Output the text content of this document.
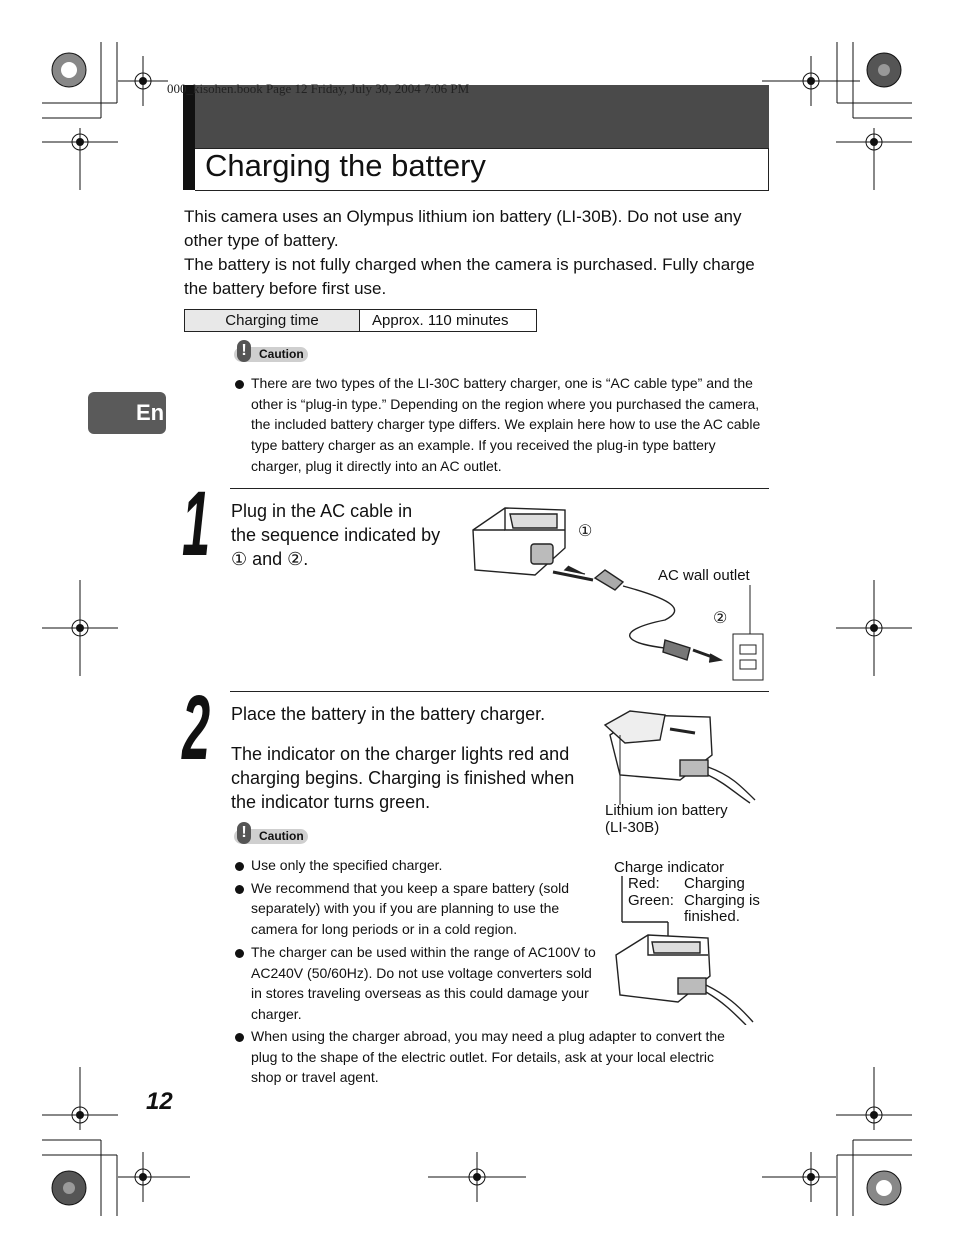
000_kisohen.book Page 12 Friday, July 30, 2004 7:06 PM
Charging the battery

This camera uses an Olympus lithium ion battery (LI-30B). Do not use any other type of battery.

The battery is not fully charged when the camera is purchased. Fully charge the battery before first use.

Charging time	Approx. 110 minutes
!	Caution
There are two types of the LI-30C battery charger, one is “AC cable type” and the other is “plug-in type.” Depending on the region where you purchased the camera, the included battery charger type differs. We explain here how to use the AC cable type battery charger as an example. If you received the plug-in type battery charger, plug it directly into an AC outlet.
En
1 Plug in the AC cable in the sequence indicated by ① and ②.
①
②
AC wall outlet
2 Place the battery in the battery charger.
The indicator on the charger lights red and charging begins. Charging is finished when the indicator turns green.	Lithium ion battery
(LI-30B)
Charge indicator
Red: Charging
Green: Charging is
finished.
!	Caution
Use only the specified charger.
We recommend that you keep a spare battery (sold separately) with you if you are planning to use the camera for long periods or in a cold region.
The charger can be used within the range of AC100V to AC240V (50/60Hz). Do not use voltage converters sold in stores traveling overseas as this could damage your charger.
When using the charger abroad, you may need a plug adapter to convert the plug to the shape of the electric outlet. For details, ask at your local electric shop or travel agent.
12
